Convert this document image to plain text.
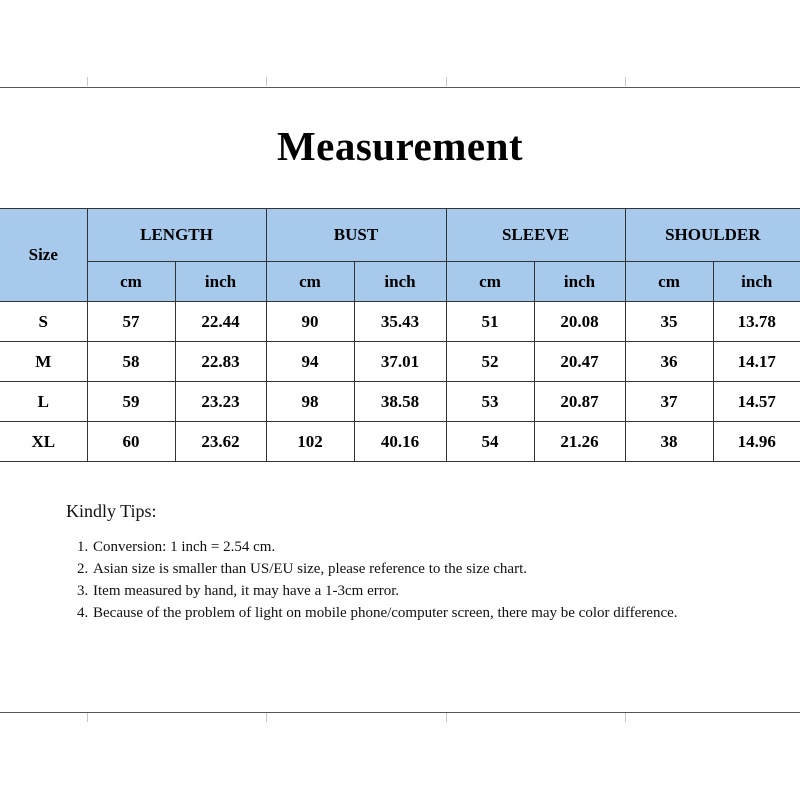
Measurement
Size	LENGTH		BUST		SLEEVE		SHOULDER	
	cm	inch	cm	inch	cm	inch	cm	inch
S	57	22.44	90	35.43	51	20.08	35	13.78
M	58	22.83	94	37.01	52	20.47	36	14.17
L	59	23.23	98	38.58	53	20.87	37	14.57
XL	60	23.62	102	40.16	54	21.26	38	14.96
Kindly Tips:
1. Conversion: 1 inch = 2.54 cm.
2. Asian size is smaller than US/EU size, please reference to the size chart.
3. Item measured by hand, it may have a 1-3cm error.
4. Because of the problem of light on mobile phone/computer screen, there may be color difference.
